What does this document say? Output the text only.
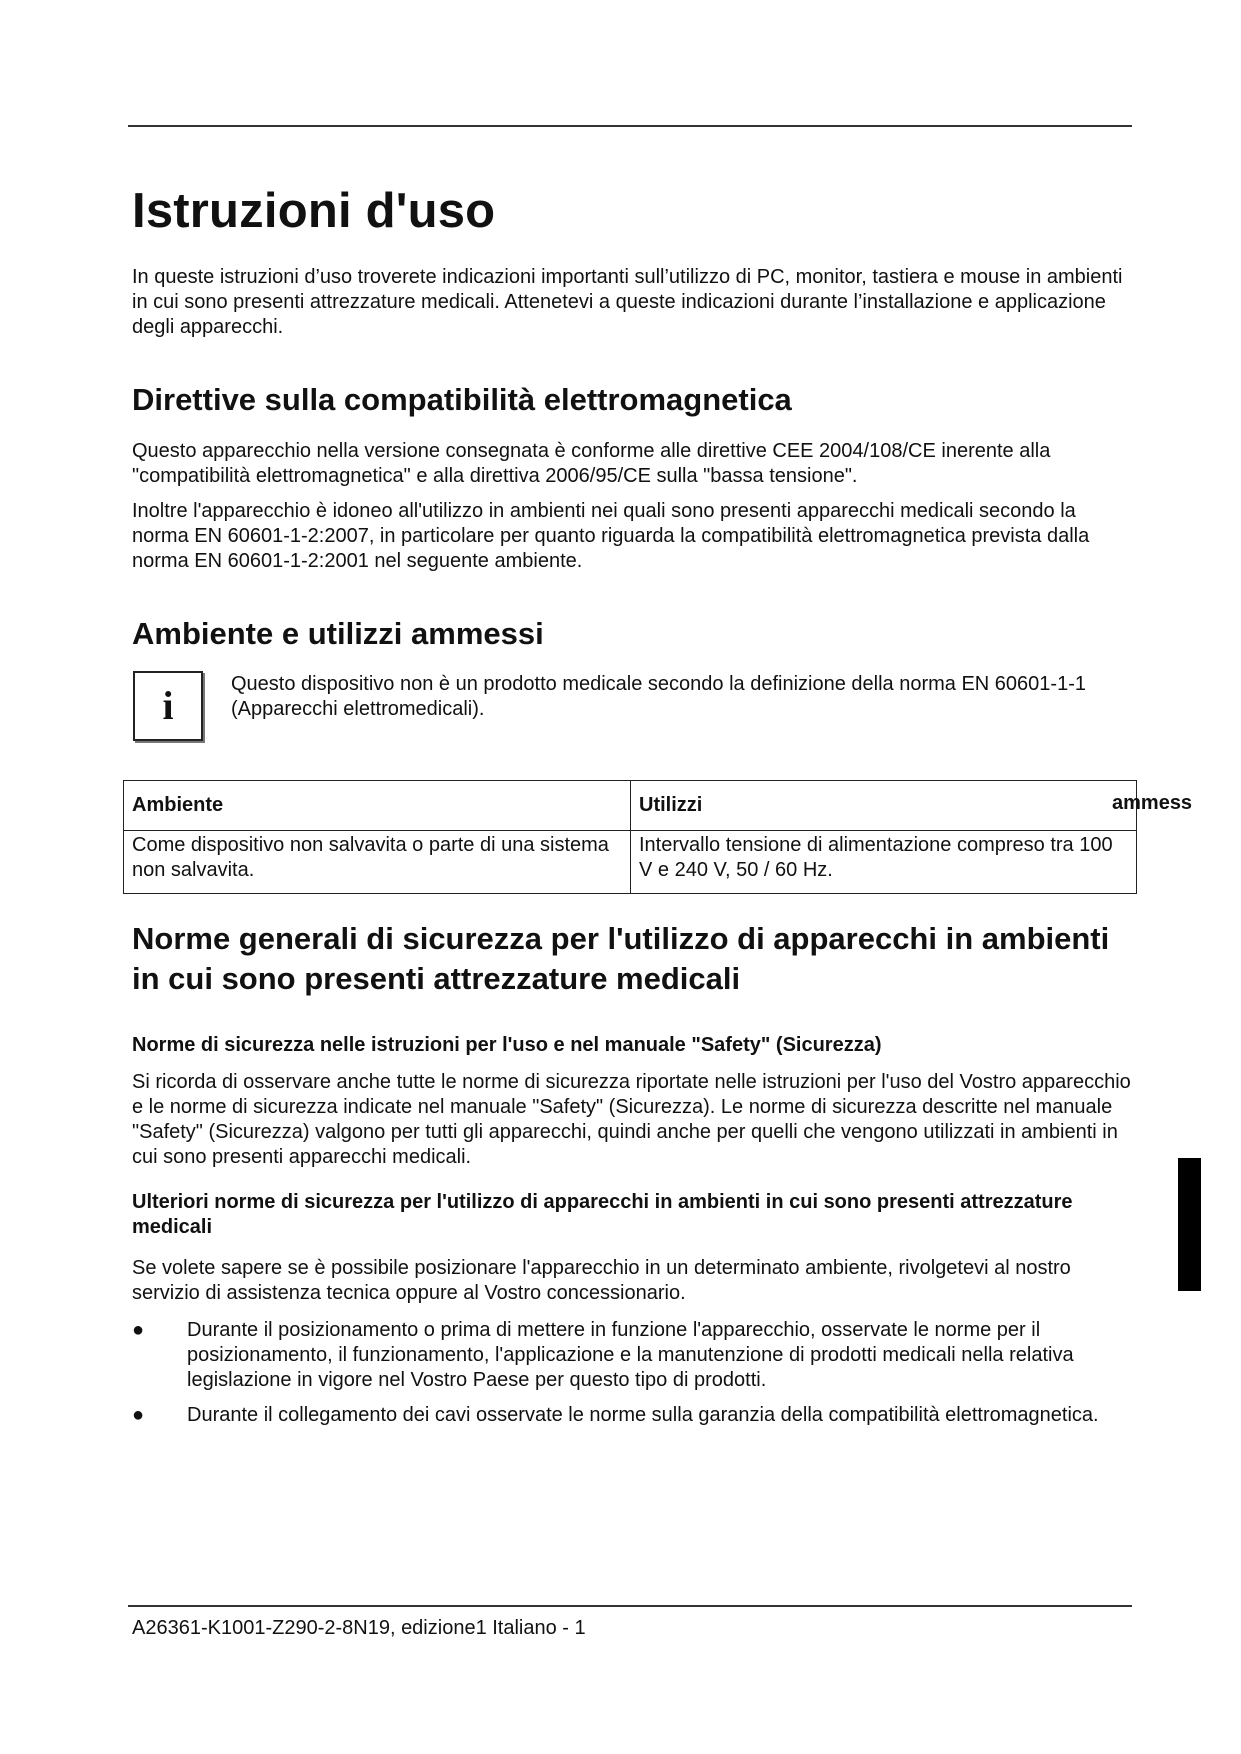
Istruzioni d'uso

In queste istruzioni d’uso troverete indicazioni importanti sull’utilizzo di PC, monitor, tastiera e mouse in ambienti in cui sono presenti attrezzature medicali. Attenetevi a queste indicazioni durante l’installazione e applicazione degli apparecchi.

Direttive sulla compatibilità elettromagnetica

Questo apparecchio nella versione consegnata è conforme alle direttive CEE 2004/108/CE inerente alla "compatibilità elettromagnetica" e alla direttiva 2006/95/CE sulla "bassa tensione".

Inoltre l'apparecchio è idoneo all'utilizzo in ambienti nei quali sono presenti apparecchi medicali secondo la norma EN 60601-1-2:2007, in particolare per quanto riguarda la compatibilità elettromagnetica prevista dalla norma EN 60601-1-2:2001 nel seguente ambiente.

Ambiente e utilizzi ammessi
i	Questo dispositivo non è un prodotto medicale secondo la definizione della norma EN 60601-1-1 (Apparecchi elettromedicali).
Ambiente	Utilizzi
Come dispositivo non salvavita o parte di una sistema non salvavita.	Intervallo tensione di alimentazione compreso tra 100 V e 240 V, 50 / 60 Hz.
ammess
Norme generali di sicurezza per l'utilizzo di apparecchi in ambienti in cui sono presenti attrezzature medicali
Norme di sicurezza nelle istruzioni per l'uso e nel manuale "Safety" (Sicurezza)

Si ricorda di osservare anche tutte le norme di sicurezza riportate nelle istruzioni per l'uso del Vostro apparecchio e le norme di sicurezza indicate nel manuale "Safety" (Sicurezza). Le norme di sicurezza descritte nel manuale "Safety" (Sicurezza) valgono per tutti gli apparecchi, quindi anche per quelli che vengono utilizzati in ambienti in cui sono presenti apparecchi medicali.

Ulteriori norme di sicurezza per l'utilizzo di apparecchi in ambienti in cui sono presenti attrezzature medicali

Se volete sapere se è possibile posizionare l'apparecchio in un determinato ambiente, rivolgetevi al nostro servizio di assistenza tecnica oppure al Vostro concessionario.

● Durante il posizionamento o prima di mettere in funzione l'apparecchio, osservate le norme per il posizionamento, il funzionamento, l'applicazione e la manutenzione di prodotti medicali nella relativa legislazione in vigore nel Vostro Paese per questo tipo di prodotti.
● Durante il collegamento dei cavi osservate le norme sulla garanzia della compatibilità elettromagnetica.
A26361-K1001-Z290-2-8N19, edizione1 Italiano - 1
